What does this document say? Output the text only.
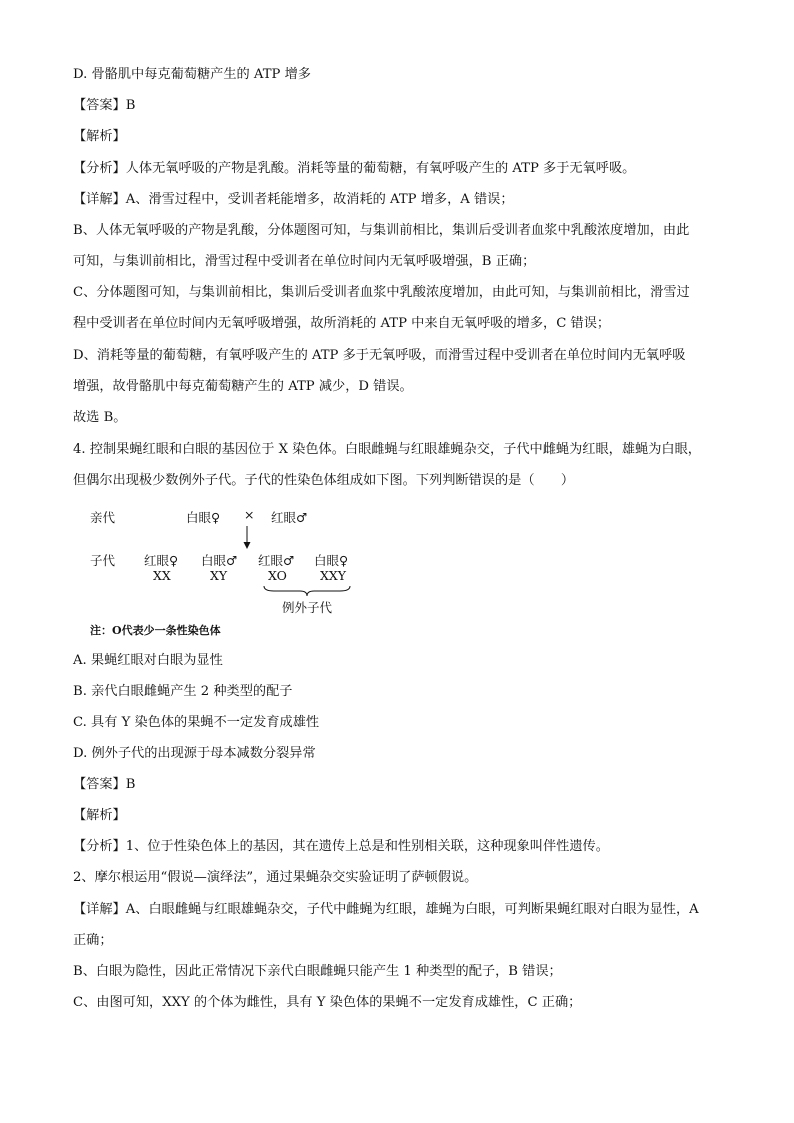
D. 骨骼肌中每克葡萄糖产生的 ATP 增多
【答案】B
【解析】
【分析】人体无氧呼吸的产物是乳酸。消耗等量的葡萄糖，有氧呼吸产生的 ATP 多于无氧呼吸。
【详解】A、滑雪过程中，受训者耗能增多，故消耗的 ATP 增多，A 错误；
B、人体无氧呼吸的产物是乳酸，分体题图可知，与集训前相比，集训后受训者血浆中乳酸浓度增加，由此
可知，与集训前相比，滑雪过程中受训者在单位时间内无氧呼吸增强，B 正确；
C、分体题图可知，与集训前相比，集训后受训者血浆中乳酸浓度增加，由此可知，与集训前相比，滑雪过
程中受训者在单位时间内无氧呼吸增强，故所消耗的 ATP 中来自无氧呼吸的增多，C 错误；
D、消耗等量的葡萄糖，有氧呼吸产生的 ATP 多于无氧呼吸，而滑雪过程中受训者在单位时间内无氧呼吸
增强，故骨骼肌中每克葡萄糖产生的 ATP 减少，D 错误。
故选 B。
4. 控制果蝇红眼和白眼的基因位于 X 染色体。白眼雌蝇与红眼雄蝇杂交，子代中雌蝇为红眼，雄蝇为白眼，
但偶尔出现极少数例外子代。子代的性染色体组成如下图。下列判断错误的是（　　）
亲代	白眼♀ × 红眼♂
子代 红眼♀
XX
白眼♂
XY
红眼♂
XO
白眼♀
XXY
例外子代
注：O代表少一条性染色体
A. 果蝇红眼对白眼为显性
B. 亲代白眼雌蝇产生 2 种类型的配子
C. 具有 Y 染色体的果蝇不一定发育成雄性
D. 例外子代的出现源于母本减数分裂异常
【答案】B
【解析】
【分析】1、位于性染色体上的基因，其在遗传上总是和性别相关联，这种现象叫伴性遗传。
2、摩尔根运用“假说—演绎法”，通过果蝇杂交实验证明了萨顿假说。
【详解】A、白眼雌蝇与红眼雄蝇杂交，子代中雌蝇为红眼，雄蝇为白眼，可判断果蝇红眼对白眼为显性，A
正确；
B、白眼为隐性，因此正常情况下亲代白眼雌蝇只能产生 1 种类型的配子，B 错误；
C、由图可知，XXY 的个体为雌性，具有 Y 染色体的果蝇不一定发育成雄性，C 正确；
